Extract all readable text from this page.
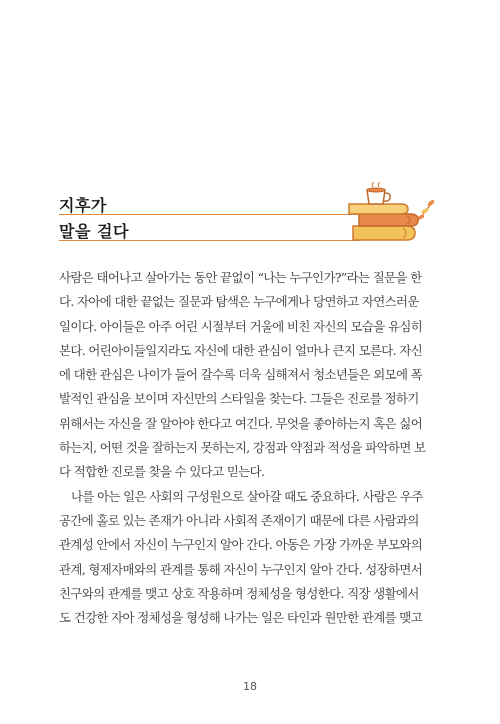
지후가
말을 걸다
사람은 태어나고 살아가는 동안 끝없이 “나는 누구인가?”라는 질문을 한
다. 자아에 대한 끝없는 질문과 탐색은 누구에게나 당연하고 자연스러운
일이다. 아이들은 아주 어린 시절부터 거울에 비친 자신의 모습을 유심히
본다. 어린아이들일지라도 자신에 대한 관심이 얼마나 큰지 모른다. 자신
에 대한 관심은 나이가 들어 갈수록 더욱 심해져서 청소년들은 외모에 폭
발적인 관심을 보이며 자신만의 스타일을 찾는다. 그들은 진로를 정하기
위해서는 자신을 잘 알아야 한다고 여긴다. 무엇을 좋아하는지 혹은 싫어
하는지, 어떤 것을 잘하는지 못하는지, 강점과 약점과 적성을 파악하면 보
다 적합한 진로를 찾을 수 있다고 믿는다.
나를 아는 일은 사회의 구성원으로 살아갈 때도 중요하다. 사람은 우주
공간에 홀로 있는 존재가 아니라 사회적 존재이기 때문에 다른 사람과의
관계성 안에서 자신이 누구인지 알아 간다. 아동은 가장 가까운 부모와의
관계, 형제자매와의 관계를 통해 자신이 누구인지 알아 간다. 성장하면서
친구와의 관계를 맺고 상호 작용하며 정체성을 형성한다. 직장 생활에서
도 건강한 자아 정체성을 형성해 나가는 일은 타인과 원만한 관계를 맺고
18
